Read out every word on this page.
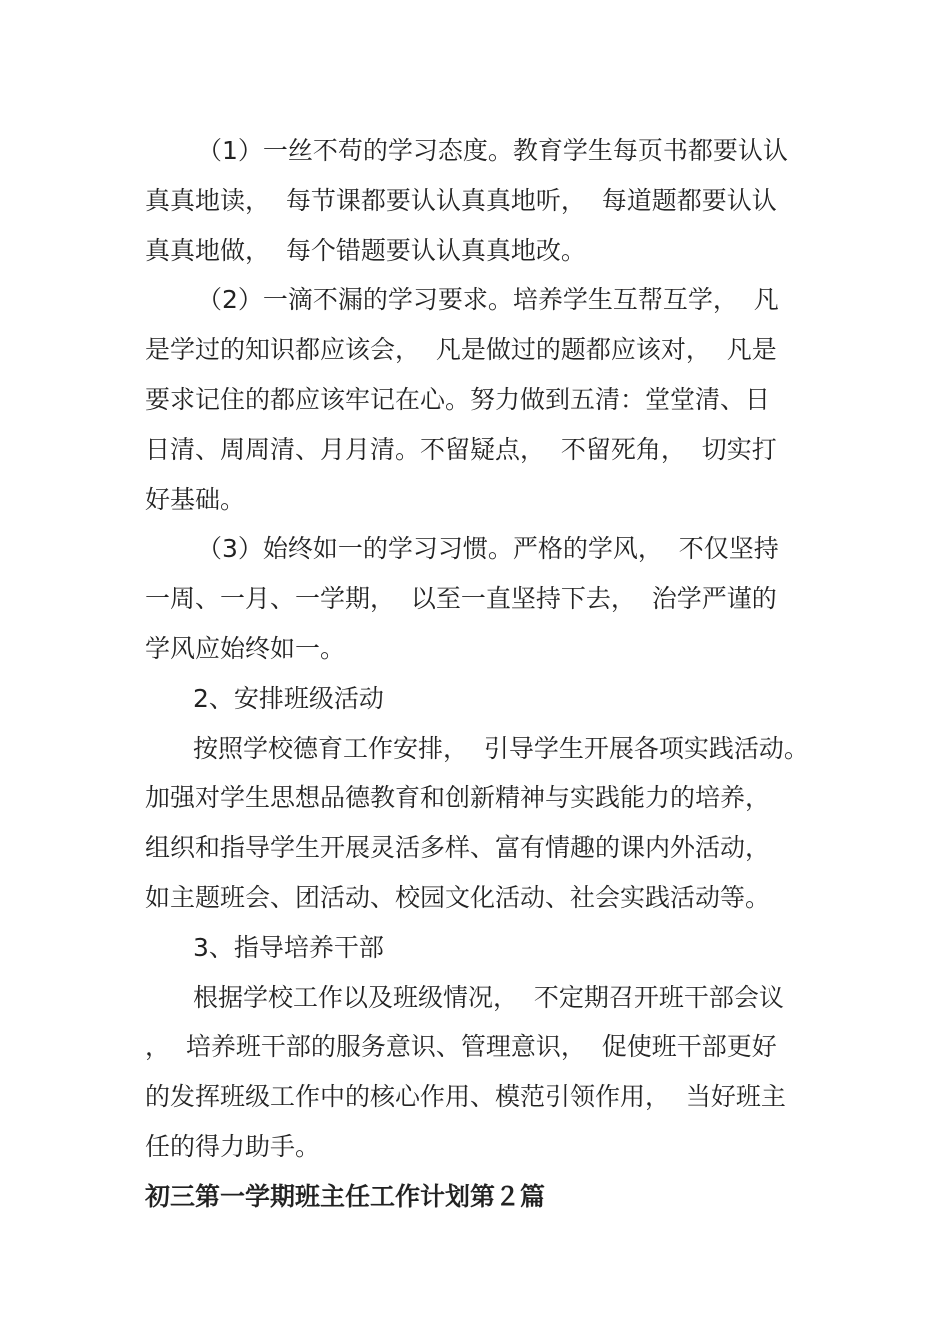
（1）一丝不苟的学习态度。教育学生每页书都要认认
真真地读，  每节课都要认认真真地听，  每道题都要认认
真真地做，  每个错题要认认真真地改。
（2）一滴不漏的学习要求。培养学生互帮互学，  凡
是学过的知识都应该会，  凡是做过的题都应该对，  凡是
要求记住的都应该牢记在心。努力做到五清：堂堂清、日
日清、周周清、月月清。不留疑点，  不留死角，  切实打
好基础。
（3）始终如一的学习习惯。严格的学风，  不仅坚持
一周、一月、一学期，  以至一直坚持下去，  治学严谨的
学风应始终如一。
2、安排班级活动
按照学校德育工作安排，  引导学生开展各项实践活动。
加强对学生思想品德教育和创新精神与实践能力的培养，
组织和指导学生开展灵活多样、富有情趣的课内外活动，
如主题班会、团活动、校园文化活动、社会实践活动等。
3、指导培养干部
根据学校工作以及班级情况，  不定期召开班干部会议
，  培养班干部的服务意识、管理意识，  促使班干部更好
的发挥班级工作中的核心作用、模范引领作用，  当好班主
任的得力助手。
初三第一学期班主任工作计划第２篇
